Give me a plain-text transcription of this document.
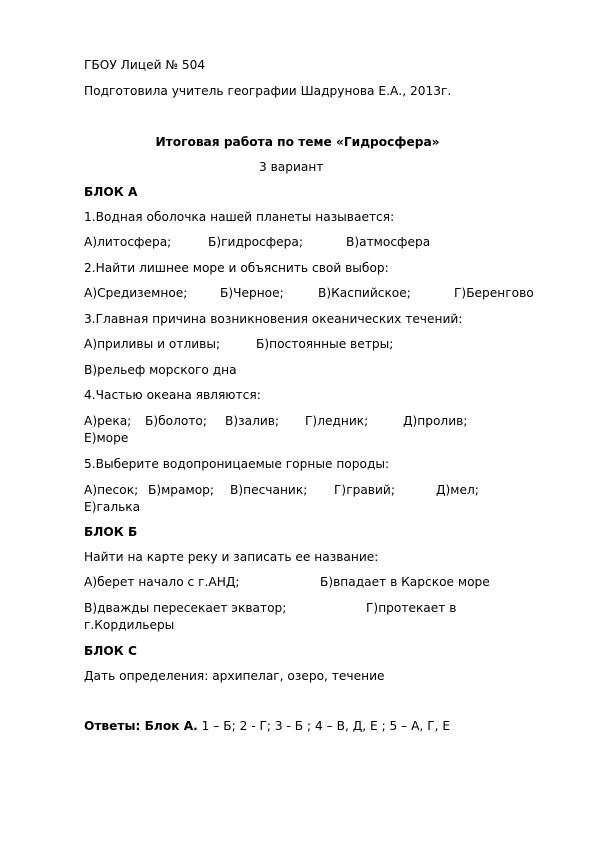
ГБОУ Лицей № 504

Подготовила учитель географии Шадрунова Е.А., 2013г.

Итоговая работа по теме «Гидросфера»

3 вариант

БЛОК А

1.Водная оболочка нашей планеты называется:

А)литосфера;	Б)гидросфера;	В)атмосфера

2.Найти лишнее море и объяснить свой выбор:

А)Средиземное;	Б)Черное;	В)Каспийское;	Г)Беренгово

3.Главная причина возникновения океанических течений:

А)приливы и отливы;	Б)постоянные ветры;

В)рельеф морского дна

4.Частью океана являются:

А)река; Б)болото; В)залив; Г)ледник;	Д)пролив;

Е)море

5.Выберите водопроницаемые горные породы:

А)песок; Б)мрамор; В)песчаник; Г)гравий;	Д)мел;

Е)галька

БЛОК Б

Найти на карте реку и записать ее название:

А)берет начало с г.АНД;	Б)впадает в Карское море

В)дважды пересекает экватор;	Г)протекает в

г.Кордильеры

БЛОК С

Дать определения: архипелаг, озеро, течение

Ответы: Блок А. 1 – Б; 2 - Г; 3 - Б ; 4 – В, Д, Е ; 5 – А, Г, Е
